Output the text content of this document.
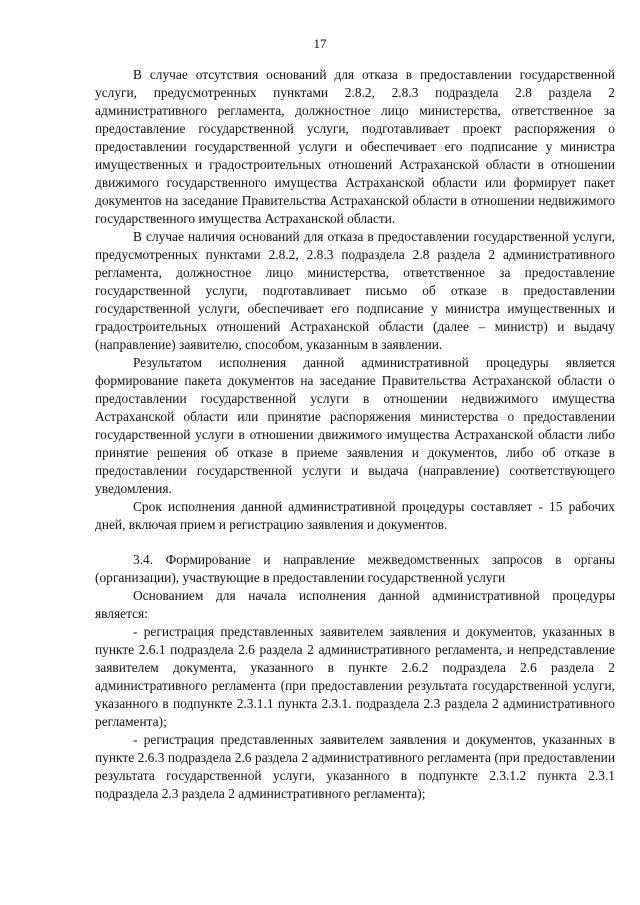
17

В случае отсутствия оснований для отказа в предоставлении государственной услуги, предусмотренных пунктами 2.8.2, 2.8.3 подраздела 2.8 раздела 2 административного регламента, должностное лицо министерства, ответственное за предоставление государственной услуги, подготавливает проект распоряжения о предоставлении государственной услуги и обеспечивает его подписание у министра имущественных и градостроительных отношений Астраханской области в отношении движимого государственного имущества Астраханской области или формирует пакет документов на заседание Правительства Астраханской области в отношении недвижимого государственного имущества Астраханской области.

В случае наличия оснований для отказа в предоставлении государственной услуги, предусмотренных пунктами 2.8.2, 2.8.3 подраздела 2.8 раздела 2 административного регламента, должностное лицо министерства, ответственное за предоставление государственной услуги, подготавливает письмо об отказе в предоставлении государственной услуги, обеспечивает его подписание у министра имущественных и градостроительных отношений Астраханской области (далее – министр) и выдачу (направление) заявителю, способом, указанным в заявлении.

Результатом исполнения данной административной процедуры является формирование пакета документов на заседание Правительства Астраханской области о предоставлении государственной услуги в отношении недвижимого имущества Астраханской области или принятие распоряжения министерства о предоставлении государственной услуги в отношении движимого имущества Астраханской области либо принятие решения об отказе в приеме заявления и документов, либо об отказе в предоставлении государственной услуги и выдача (направление) соответствующего уведомления.

Срок исполнения данной административной процедуры составляет - 15 рабочих дней, включая прием и регистрацию заявления и документов.

3.4. Формирование и направление межведомственных запросов в органы (организации), участвующие в предоставлении государственной услуги

Основанием для начала исполнения данной административной процедуры является:

- регистрация представленных заявителем заявления и документов, указанных в пункте 2.6.1 подраздела 2.6 раздела 2 административного регламента, и непредставление заявителем документа, указанного в пункте 2.6.2 подраздела 2.6 раздела 2 административного регламента (при предоставлении результата государственной услуги, указанного в подпункте 2.3.1.1 пункта 2.3.1. подраздела 2.3 раздела 2 административного регламента);

- регистрация представленных заявителем заявления и документов, указанных в пункте 2.6.3 подраздела 2.6 раздела 2 административного регламента (при предоставлении результата государственной услуги, указанного в подпункте 2.3.1.2 пункта 2.3.1 подраздела 2.3 раздела 2 административного регламента);
